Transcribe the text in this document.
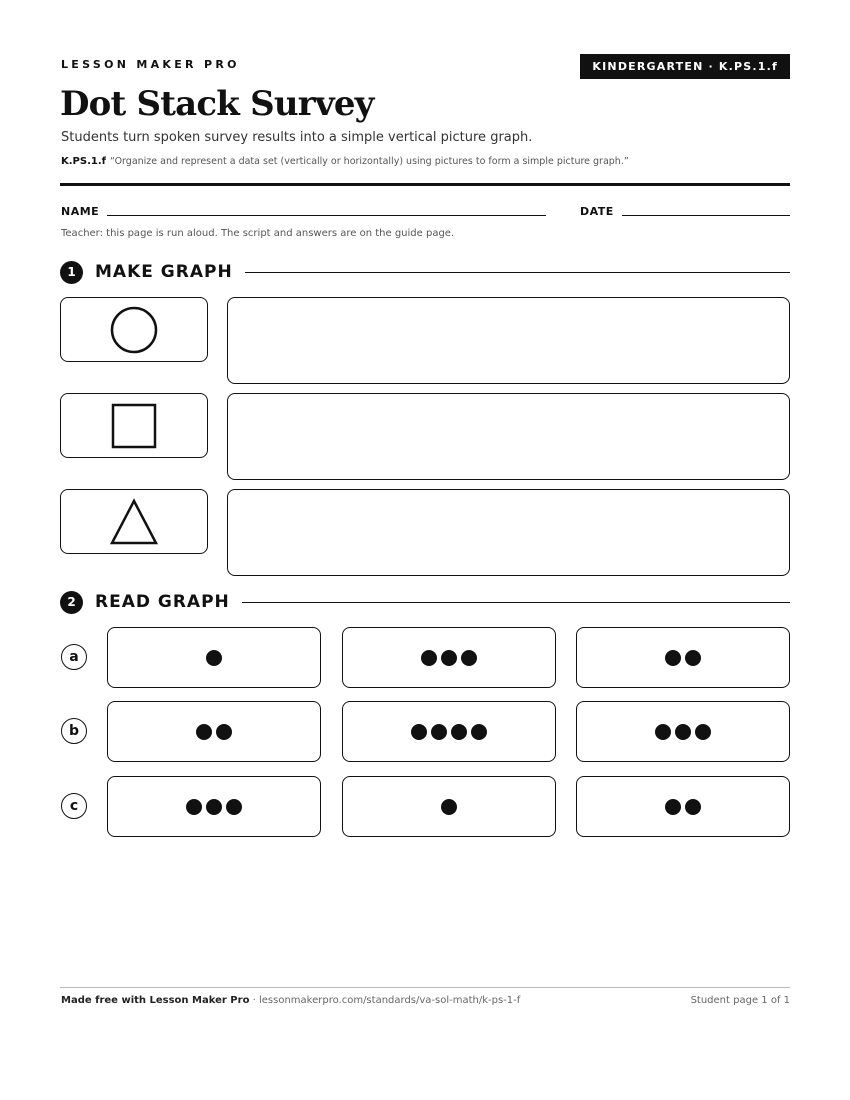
LESSON MAKER PRO	KINDERGARTEN · K.PS.1.f
Dot Stack Survey
Students turn spoken survey results into a simple vertical picture graph.
K.PS.1.f “Organize and represent a data set (vertically or horizontally) using pictures to form a simple picture graph.”
NAME	DATE
Teacher: this page is run aloud. The script and answers are on the guide page.
1	MAKE GRAPH
2	READ GRAPH
a
b
c
Made free with Lesson Maker Pro · lessonmakerpro.com/standards/va-sol-math/k-ps-1-f	Student page 1 of 1
